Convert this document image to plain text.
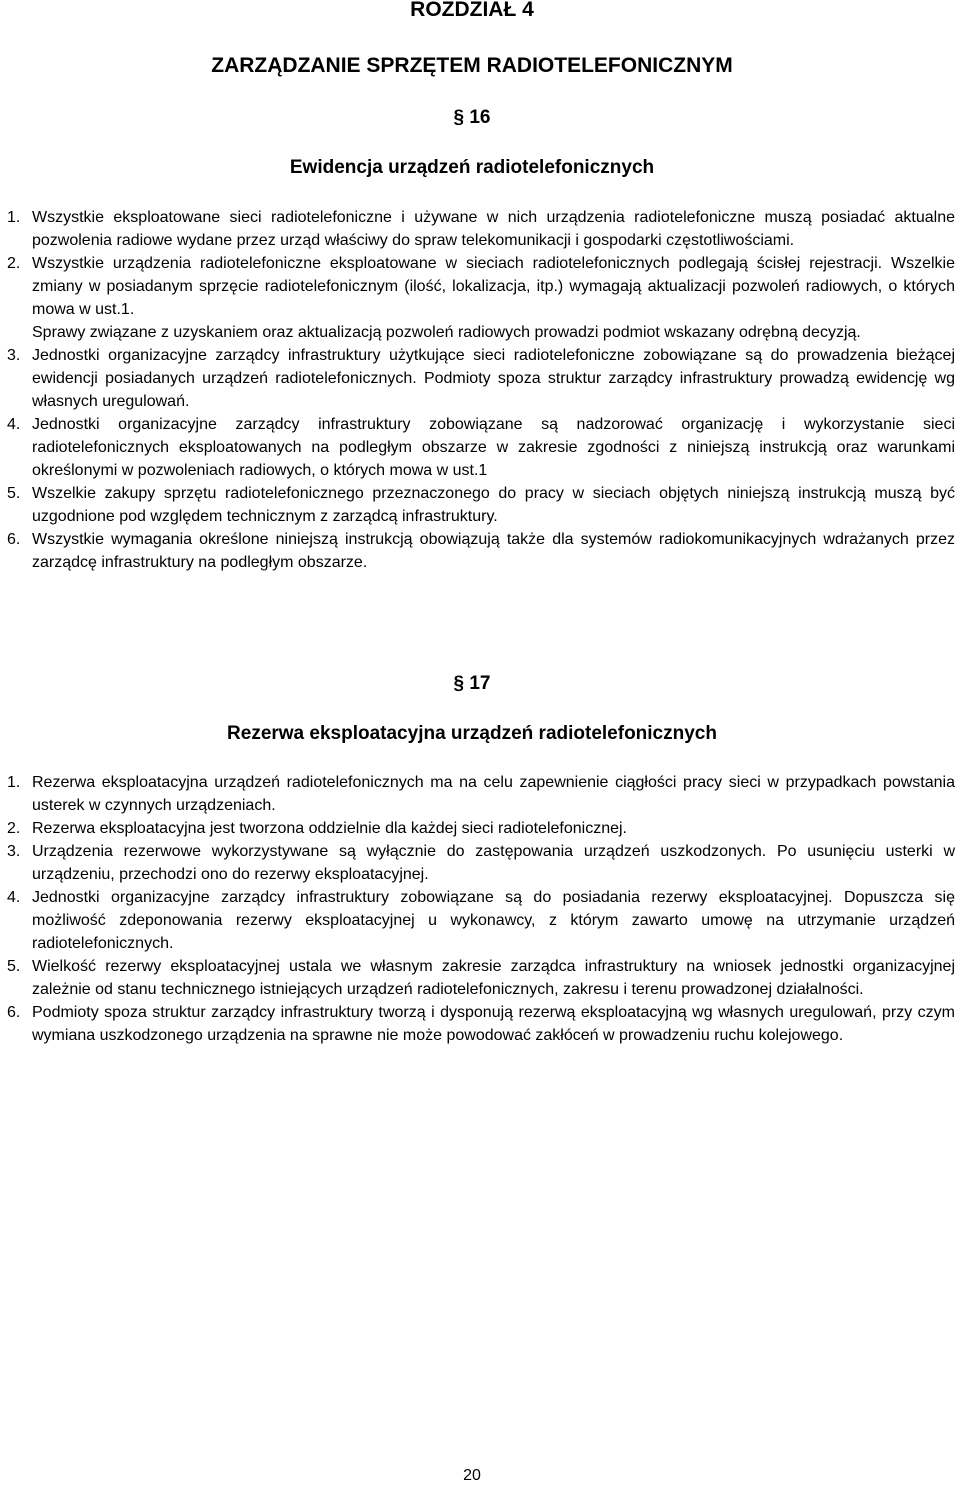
ROZDZIAŁ 4
ZARZĄDZANIE SPRZĘTEM RADIOTELEFONICZNYM
§ 16
Ewidencja urządzeń radiotelefonicznych
1. Wszystkie eksploatowane sieci radiotelefoniczne i używane w nich urządzenia radiotelefoniczne muszą posiadać aktualne pozwolenia radiowe wydane przez urząd właściwy do spraw telekomunikacji i gospodarki częstotliwościami.
2. Wszystkie urządzenia radiotelefoniczne eksploatowane w sieciach radiotelefonicznych podlegają ścisłej rejestracji. Wszelkie zmiany w posiadanym sprzęcie radiotelefonicznym (ilość, lokalizacja, itp.) wymagają aktualizacji pozwoleń radiowych, o których mowa w ust.1.
Sprawy związane z uzyskaniem oraz aktualizacją pozwoleń radiowych prowadzi podmiot wskazany odrębną decyzją.
3. Jednostki organizacyjne zarządcy infrastruktury użytkujące sieci radiotelefoniczne zobowiązane są do prowadzenia bieżącej ewidencji posiadanych urządzeń radiotelefonicznych. Podmioty spoza struktur zarządcy infrastruktury prowadzą ewidencję wg własnych uregulowań.
4. Jednostki organizacyjne zarządcy infrastruktury zobowiązane są nadzorować organizację i wykorzystanie sieci radiotelefonicznych eksploatowanych na podległym obszarze w zakresie zgodności z niniejszą instrukcją oraz warunkami określonymi w pozwoleniach radiowych, o których mowa w ust.1
5. Wszelkie zakupy sprzętu radiotelefonicznego przeznaczonego do pracy w sieciach objętych niniejszą instrukcją muszą być uzgodnione pod względem technicznym z zarządcą infrastruktury.
6. Wszystkie wymagania określone niniejszą instrukcją obowiązują także dla systemów radiokomunikacyjnych wdrażanych przez zarządcę infrastruktury na podległym obszarze.
§ 17
Rezerwa eksploatacyjna urządzeń radiotelefonicznych
1. Rezerwa eksploatacyjna urządzeń radiotelefonicznych ma na celu zapewnienie ciągłości pracy sieci w przypadkach powstania usterek w czynnych urządzeniach.
2. Rezerwa eksploatacyjna jest tworzona oddzielnie dla każdej sieci radiotelefonicznej.
3. Urządzenia rezerwowe wykorzystywane są wyłącznie do zastępowania urządzeń uszkodzonych. Po usunięciu usterki w urządzeniu, przechodzi ono do rezerwy eksploatacyjnej.
4. Jednostki organizacyjne zarządcy infrastruktury zobowiązane są do posiadania rezerwy eksploatacyjnej. Dopuszcza się możliwość zdeponowania rezerwy eksploatacyjnej u wykonawcy, z którym zawarto umowę na utrzymanie urządzeń radiotelefonicznych.
5. Wielkość rezerwy eksploatacyjnej ustala we własnym zakresie zarządca infrastruktury na wniosek jednostki organizacyjnej zależnie od stanu technicznego istniejących urządzeń radiotelefonicznych, zakresu i terenu prowadzonej działalności.
6. Podmioty spoza struktur zarządcy infrastruktury tworzą i dysponują rezerwą eksploatacyjną wg własnych uregulowań, przy czym wymiana uszkodzonego urządzenia na sprawne nie może powodować zakłóceń w prowadzeniu ruchu kolejowego.
20
